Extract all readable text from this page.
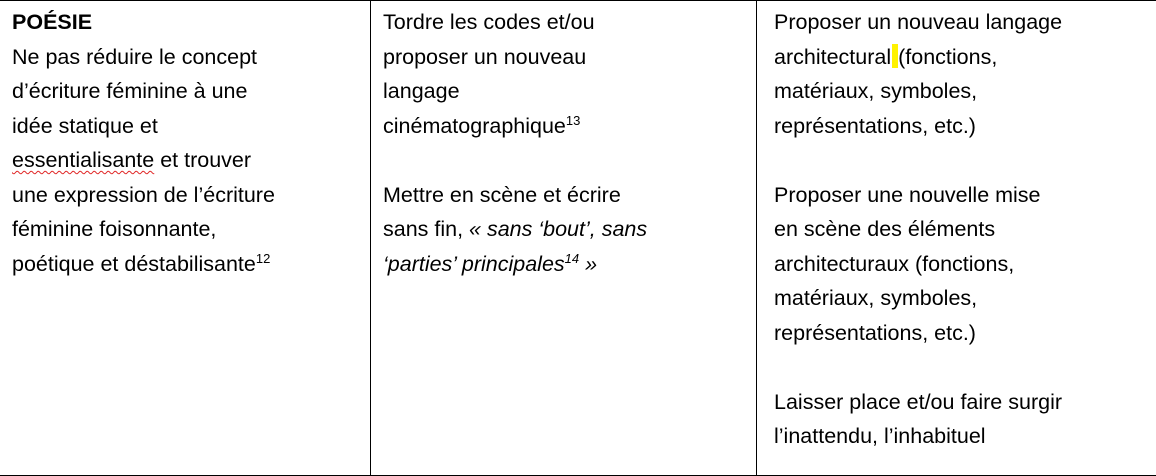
POÉSIE
Ne pas réduire le concept
d’écriture féminine à une
idée statique et
essentialisante et trouver
une expression de l’écriture
féminine foisonnante,
poétique et déstabilisante$^{12}$
Tordre les codes et/ou
proposer un nouveau
langage
cinématographique$^{13}$
Mettre en scène et écrire
sans fin, « sans ‘bout’, sans
‘parties’ principales$^{14}$ »
Proposer un nouveau langage
architectural (fonctions,
matériaux, symboles,
représentations, etc.)
Proposer une nouvelle mise
en scène des éléments
architecturaux (fonctions,
matériaux, symboles,
représentations, etc.)
Laisser place et/ou faire surgir
l’inattendu, l’inhabituel
